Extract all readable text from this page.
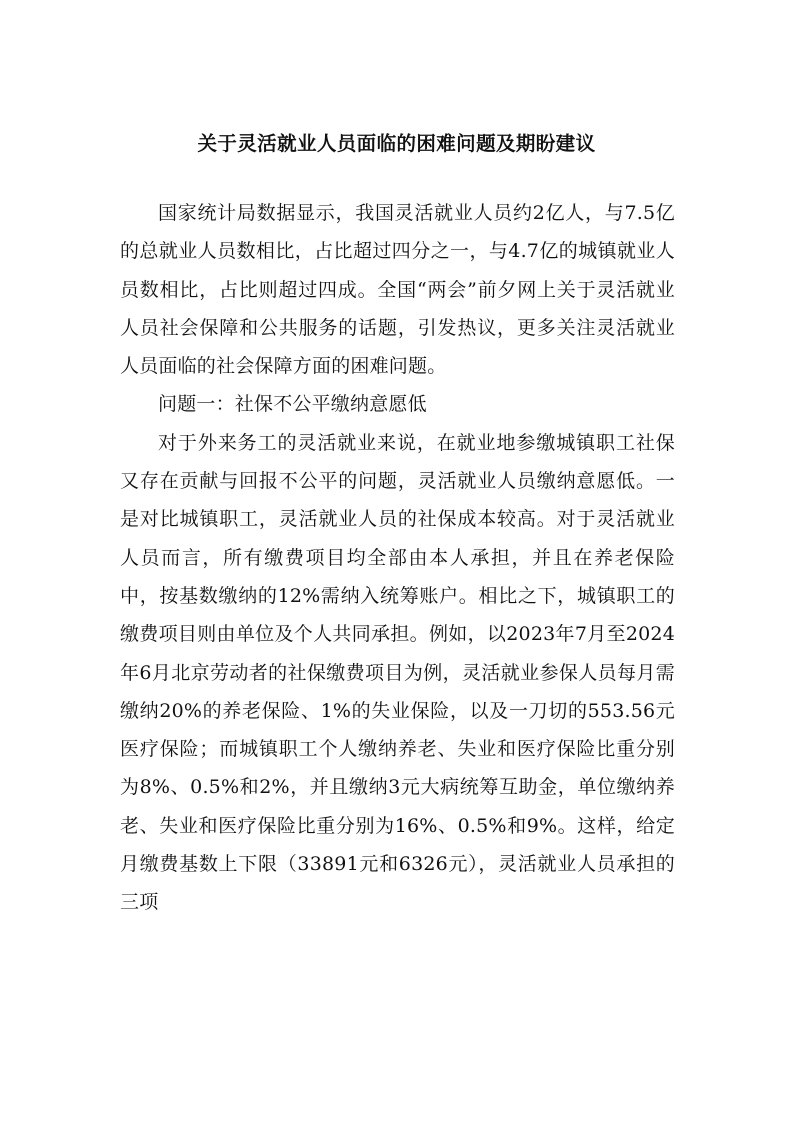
关于灵活就业人员面临的困难问题及期盼建议

国家统计局数据显示，我国灵活就业人员约2亿人，与7.5亿的总就业人员数相比，占比超过四分之一，与4.7亿的城镇就业人员数相比，占比则超过四成。全国“两会”前夕网上关于灵活就业人员社会保障和公共服务的话题，引发热议，更多关注灵活就业人员面临的社会保障方面的困难问题。

问题一：社保不公平缴纳意愿低

对于外来务工的灵活就业来说，在就业地参缴城镇职工社保又存在贡献与回报不公平的问题，灵活就业人员缴纳意愿低。一是对比城镇职工，灵活就业人员的社保成本较高。对于灵活就业人员而言，所有缴费项目均全部由本人承担，并且在养老保险中，按基数缴纳的12%需纳入统筹账户。相比之下，城镇职工的缴费项目则由单位及个人共同承担。例如，以2023年7月至2024年6月北京劳动者的社保缴费项目为例，灵活就业参保人员每月需缴纳20%的养老保险、1%的失业保险，以及一刀切的553.56元医疗保险；而城镇职工个人缴纳养老、失业和医疗保险比重分别为8%、0.5%和2%，并且缴纳3元大病统筹互助金，单位缴纳养老、失业和医疗保险比重分别为16%、0.5%和9%。这样，给定月缴费基数上下限（33891元和6326元），灵活就业人员承担的三项
